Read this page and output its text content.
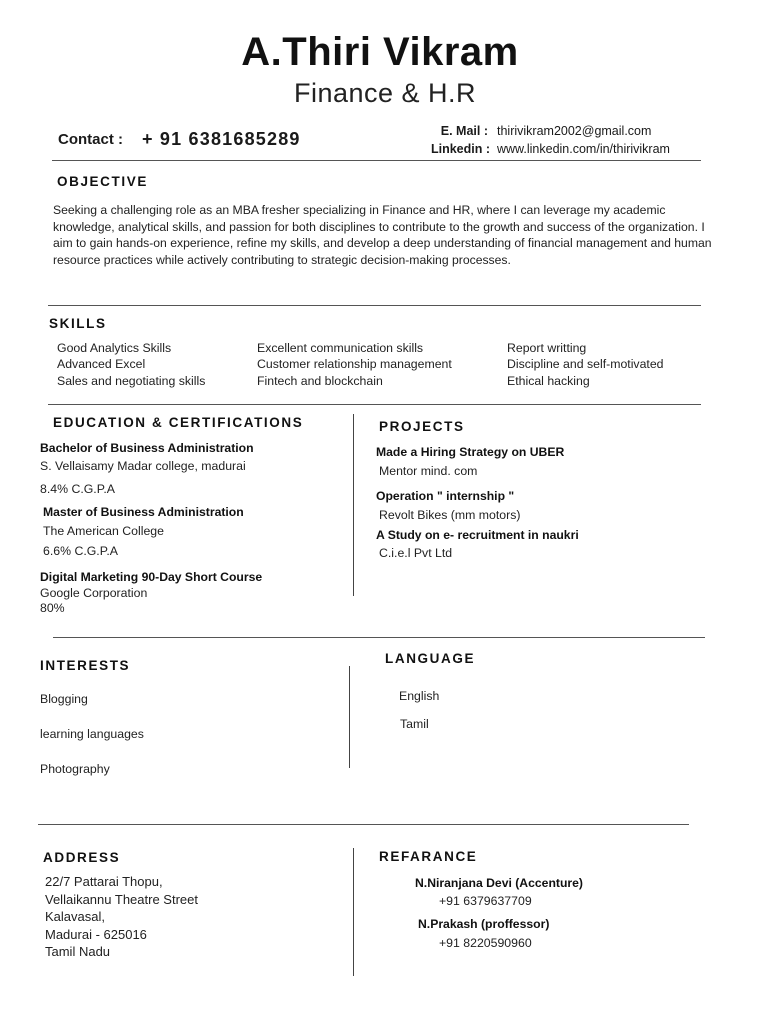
A.Thiri Vikram
Finance & H.R
Contact : + 91 6381685289	E. Mail : thirivikram2002@gmail.com
Linkedin : www.linkedin.com/in/thirivikram
OBJECTIVE
Seeking a challenging role as an MBA fresher specializing in Finance and HR, where I can leverage my academic knowledge, analytical skills, and passion for both disciplines to contribute to the growth and success of the organization. I aim to gain hands-on experience, refine my skills, and develop a deep understanding of financial management and human resource practices while actively contributing to strategic decision-making processes.
SKILLS
Good Analytics Skills
Advanced Excel
Sales and negotiating skills
Excellent communication skills
Customer relationship management
Fintech and blockchain
Report writting
Discipline and self-motivated
Ethical hacking
EDUCATION & CERTIFICATIONS
Bachelor of Business Administration
S. Vellaisamy Madar college, madurai
8.4% C.G.P.A
Master of Business Administration
The American College
6.6% C.G.P.A
Digital Marketing 90-Day Short Course
Google Corporation
80%
PROJECTS
Made a Hiring Strategy on UBER
Mentor mind. com
Operation " internship "
Revolt Bikes (mm motors)
A Study on e- recruitment in naukri
C.i.e.l Pvt Ltd
INTERESTS
Blogging
learning languages
Photography
LANGUAGE
English
Tamil
ADDRESS
22/7 Pattarai Thopu,
Vellaikannu Theatre Street
Kalavasal,
Madurai - 625016
Tamil Nadu
REFARANCE
N.Niranjana Devi (Accenture)
+91 6379637709
N.Prakash (proffessor)
+91 8220590960
